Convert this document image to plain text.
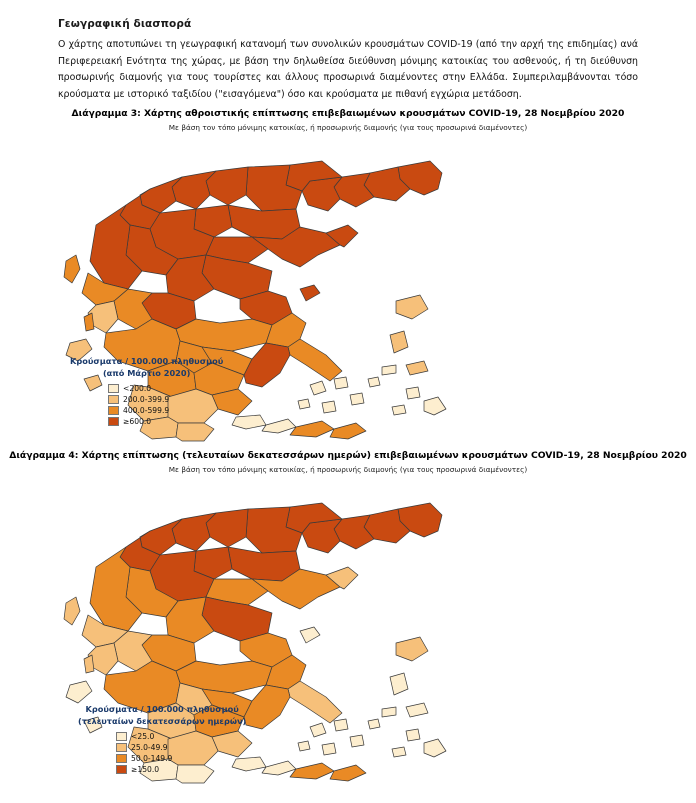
Γεωγραφική διασπορά

Ο χάρτης αποτυπώνει τη γεωγραφική κατανομή των συνολικών κρουσμάτων COVID-19 (από την αρχή της επιδημίας) ανά Περιφερειακή Ενότητα της χώρας, με βάση την δηλωθείσα διεύθυνση μόνιμης κατοικίας του ασθενούς, ή τη διεύθυνση προσωρινής διαμονής για τους τουρίστες και άλλους προσωρινά διαμένοντες στην Ελλάδα. Συμπεριλαμβάνονται τόσο κρούσματα με ιστορικό ταξιδίου ("εισαγόμενα") όσο και κρούσματα με πιθανή εγχώρια μετάδοση.

Διάγραμμα 3: Χάρτης αθροιστικής επίπτωσης επιβεβαιωμένων κρουσμάτων COVID-19, 28 Νοεμβρίου 2020
Με βάση τον τόπο μόνιμης κατοικίας, ή προσωρινής διαμονής (για τους προσωρινά διαμένοντες)
Κρούσματα / 100.000 πληθυσμού
(από Μάρτιο 2020)
<200.0
200.0-399.9
400.0-599.9
≥600.0
Διάγραμμα 4: Χάρτης επίπτωσης (τελευταίων δεκατεσσάρων ημερών) επιβεβαιωμένων κρουσμάτων COVID-19, 28 Νοεμβρίου 2020
Με βάση τον τόπο μόνιμης κατοικίας, ή προσωρινής διαμονής (για τους προσωρινά διαμένοντες)
Κρούσματα / 100.000 πληθυσμού
(τελευταίων δεκατεσσάρων ημερών)
<25.0
25.0-49.9
50.0-149.9
≥150.0
